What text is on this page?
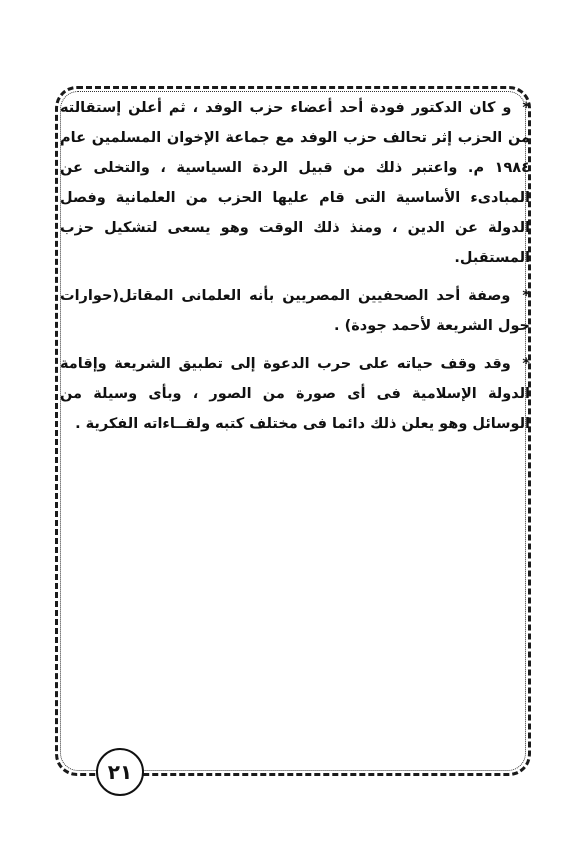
* و كان الدكتور فودة أحد أعضاء حزب الوفد ، ثم أعلن إستقالته من الحزب إثر تحالف حزب الوفد مع جماعة الإخوان المسلمين عام ١٩٨٤ م. واعتبر ذلك من قبيل الردة السياسية ، والتخلى عن المبادىء الأساسية التى قام عليها الحزب من العلمانية وفصل الدولة عن الدين ، ومنذ ذلك الوقت وهو يسعى لتشكيل حزب المستقبل.

* وصفة أحد الصحفيين المصريين بأنه العلمانى المقاتل(حوارات حول الشريعة لأحمد جودة) .

* وقد وقف حياته على حرب الدعوة إلى تطبيق الشريعة وإقامة الدولة الإسلامية فى أى صورة من الصور ، وبأى وسيلة من الوسائل وهو يعلن ذلك دائما فى مختلف كتبه ولقــاءاته الفكرية .

٢١
